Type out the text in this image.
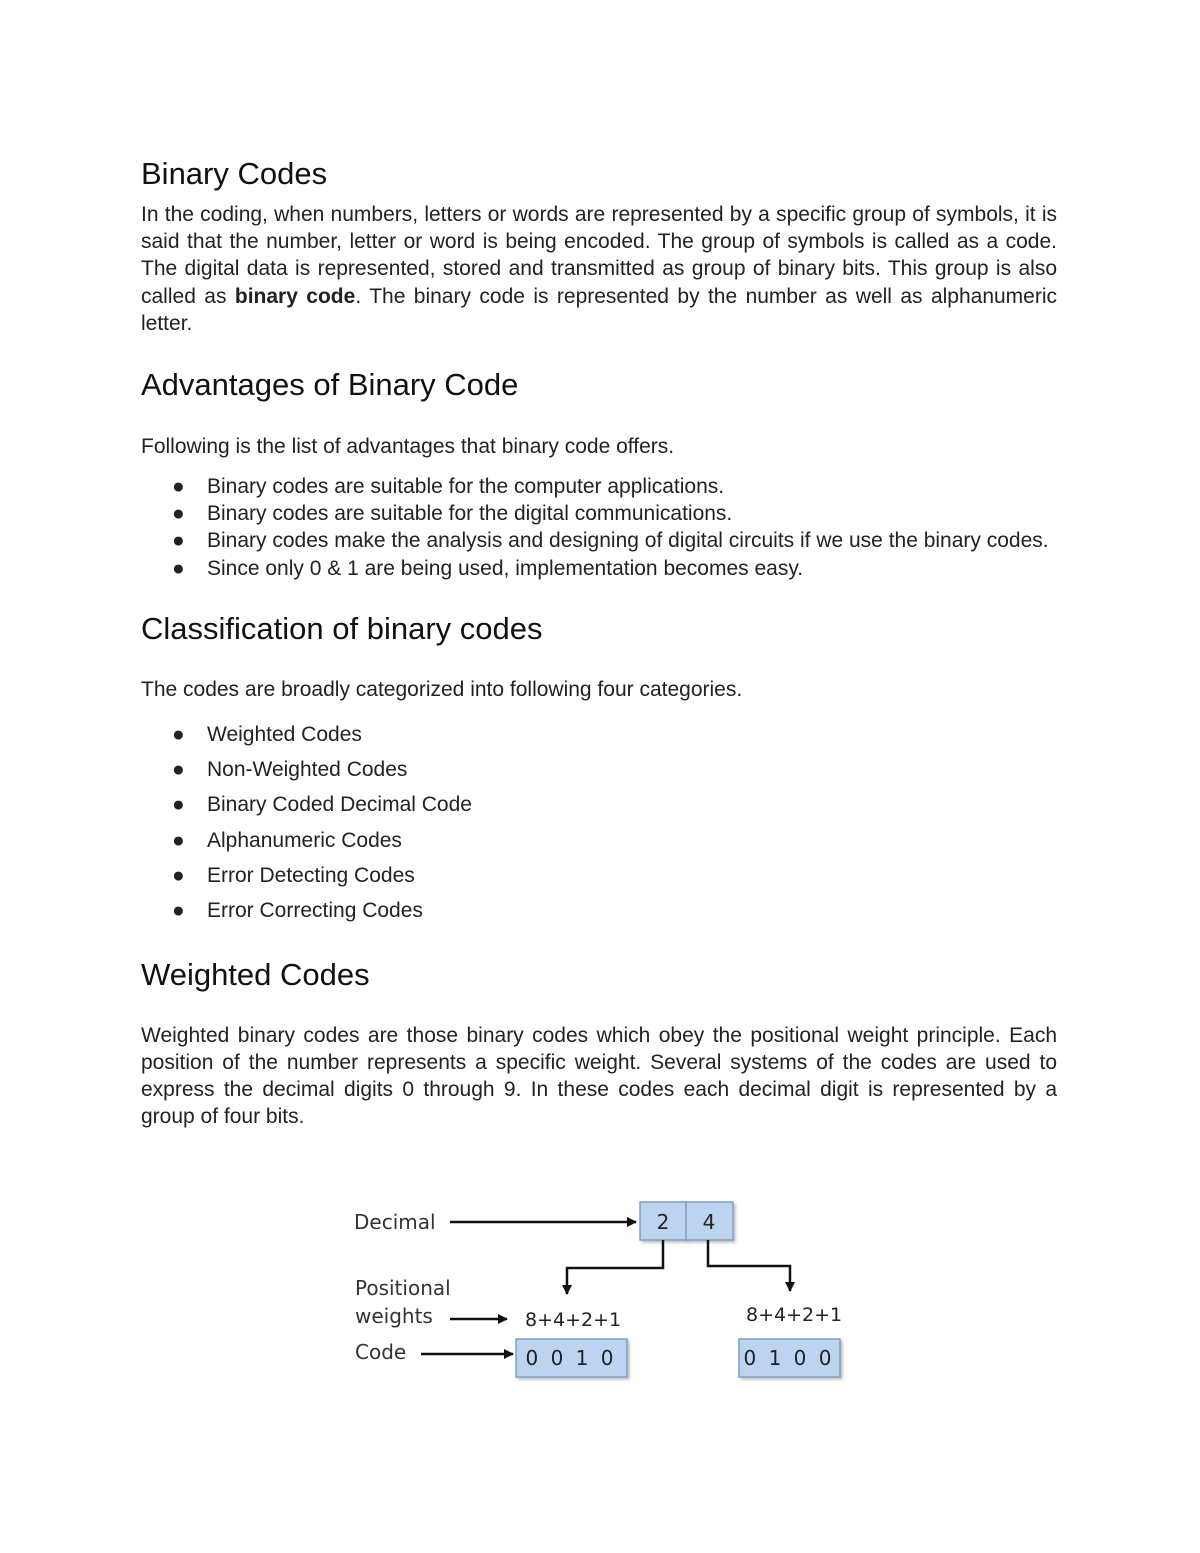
Binary Codes

In the coding, when numbers, letters or words are represented by a specific group of symbols, it is said that the number, letter or word is being encoded. The group of symbols is called as a code. The digital data is represented, stored and transmitted as group of binary bits. This group is also called as binary code. The binary code is represented by the number as well as alphanumeric letter.

Advantages of Binary Code

Following is the list of advantages that binary code offers.

● Binary codes are suitable for the computer applications.
● Binary codes are suitable for the digital communications.
● Binary codes make the analysis and designing of digital circuits if we use the binary codes.
● Since only 0 & 1 are being used, implementation becomes easy.
Classification of binary codes

The codes are broadly categorized into following four categories.

● Weighted Codes
● Non-Weighted Codes
● Binary Coded Decimal Code
● Alphanumeric Codes
● Error Detecting Codes
● Error Correcting Codes
Weighted Codes

Weighted binary codes are those binary codes which obey the positional weight principle. Each position of the number represents a specific weight. Several systems of the codes are used to express the decimal digits 0 through 9. In these codes each decimal digit is represented by a group of four bits.

Decimal
Positional
weights
Code
2 4
8+4+2+1	8+4+2+1
0 0 1 0	0 1 0 0
